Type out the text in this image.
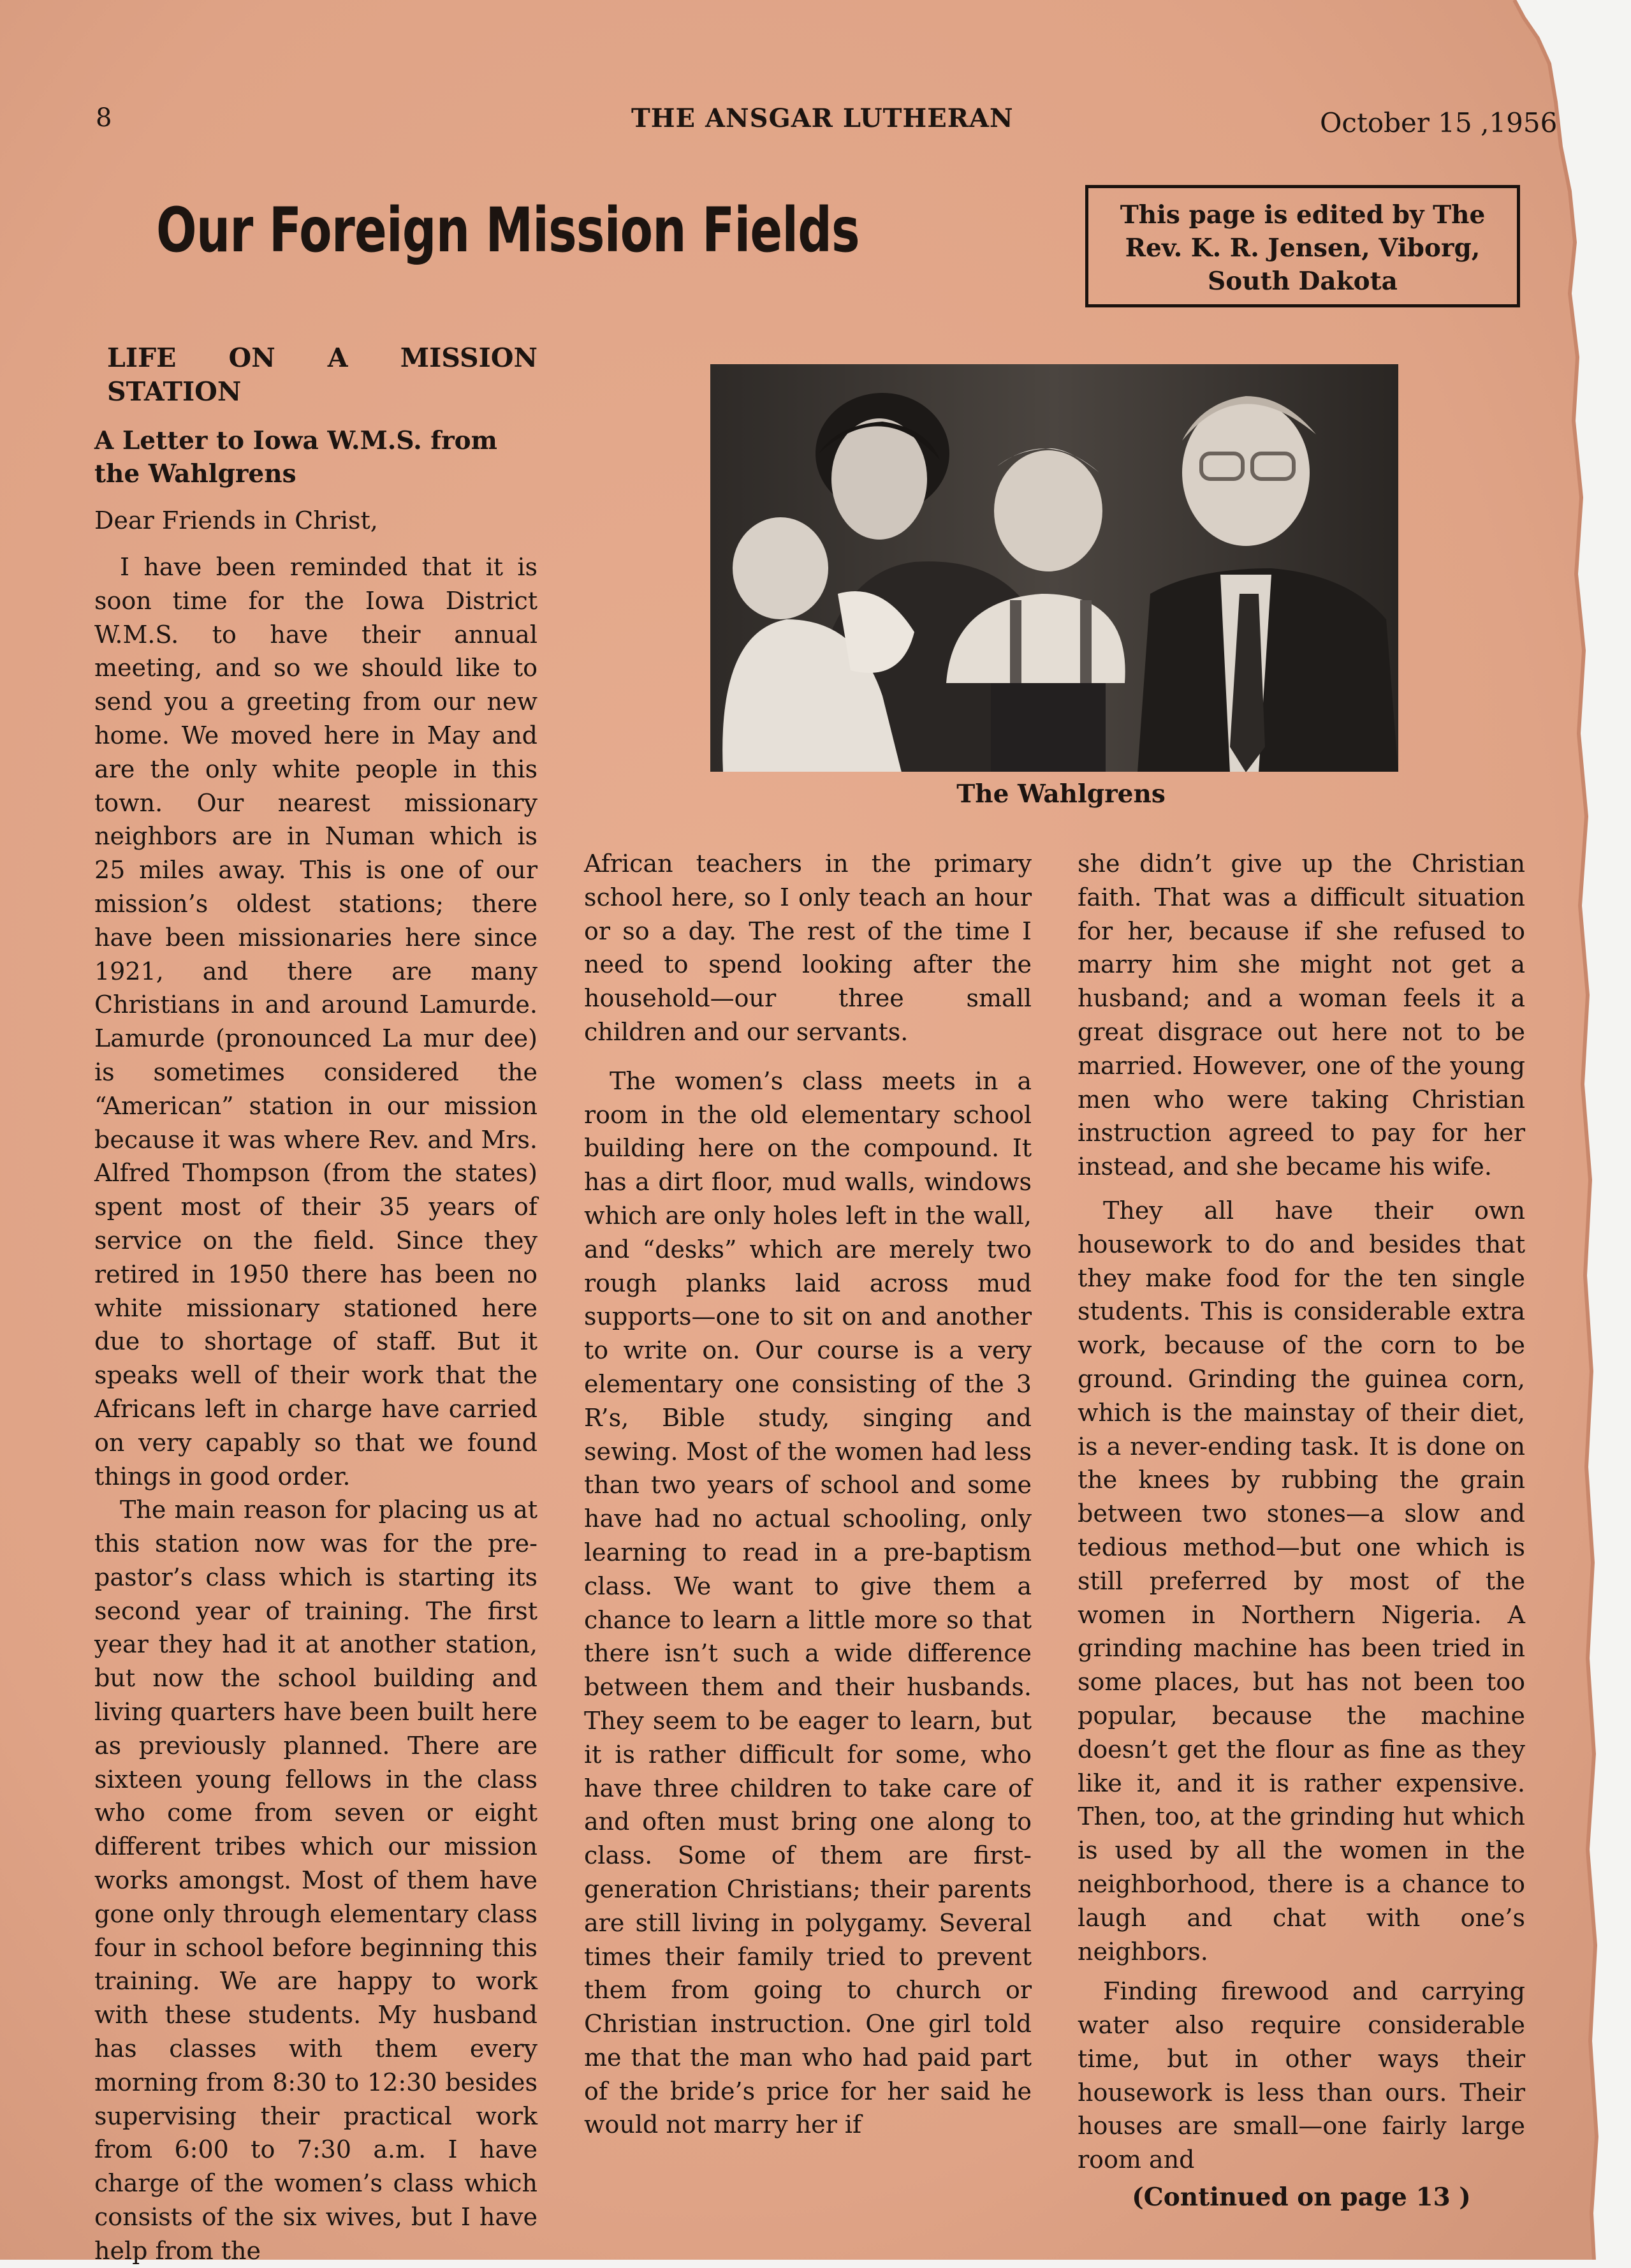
8	THE ANSGAR LUTHERAN	October 15 ,1956
Our Foreign Mission Fields	This page is edited by The
Rev. K. R. Jensen, Viborg,
South Dakota

LIFE ON A MISSION STATION

A Letter to Iowa W.M.S. from the Wahlgrens

Dear Friends in Christ,

I have been reminded that it is soon time for the Iowa District W.M.S. to have their annual meeting, and so we should like to send you a greeting from our new home. We moved here in May and are the only white people in this town. Our nearest missionary neighbors are in Numan which is 25 miles away. This is one of our mission’s oldest stations; there have been missionaries here since 1921, and there are many Christians in and around Lamurde. Lamurde (pronounced La mur dee) is sometimes considered the “American” station in our mission because it was where Rev. and Mrs. Alfred Thompson (from the states) spent most of their 35 years of service on the field. Since they retired in 1950 there has been no white missionary stationed here due to shortage of staff. But it speaks well of their work that the Africans left in charge have carried on very capably so that we found things in good order.

The main reason for placing us at this station now was for the pre-pastor’s class which is starting its second year of training. The first year they had it at another station, but now the school building and living quarters have been built here as previously planned. There are sixteen young fellows in the class who come from seven or eight different tribes which our mission works amongst. Most of them have gone only through elementary class four in school before beginning this training. We are happy to work with these students. My husband has classes with them every morning from 8:30 to 12:30 besides supervising their practical work from 6:00 to 7:30 a.m. I have charge of the women’s class which consists of the six wives, but I have help from the

The Wahlgrens

African teachers in the primary school here, so I only teach an hour or so a day. The rest of the time I need to spend looking after the household—our three small children and our servants.

The women’s class meets in a room in the old elementary school building here on the compound. It has a dirt floor, mud walls, windows which are only holes left in the wall, and “desks” which are merely two rough planks laid across mud supports—one to sit on and another to write on. Our course is a very elementary one consisting of the 3 R’s, Bible study, singing and sewing. Most of the women had less than two years of school and some have had no actual schooling, only learning to read in a pre-baptism class. We want to give them a chance to learn a little more so that there isn’t such a wide difference between them and their husbands. They seem to be eager to learn, but it is rather difficult for some, who have three children to take care of and often must bring one along to class. Some of them are first-generation Christians; their parents are still living in polygamy. Several times their family tried to prevent them from going to church or Christian instruction. One girl told me that the man who had paid part of the bride’s price for her said he would not marry her if

she didn’t give up the Christian faith. That was a difficult situation for her, because if she refused to marry him she might not get a husband; and a woman feels it a great disgrace out here not to be married. However, one of the young men who were taking Christian instruction agreed to pay for her instead, and she became his wife.

They all have their own housework to do and besides that they make food for the ten single students. This is considerable extra work, because of the corn to be ground. Grinding the guinea corn, which is the mainstay of their diet, is a never-ending task. It is done on the knees by rubbing the grain between two stones—a slow and tedious method—but one which is still preferred by most of the women in Northern Nigeria. A grinding machine has been tried in some places, but has not been too popular, because the machine doesn’t get the flour as fine as they like it, and it is rather expensive. Then, too, at the grinding hut which is used by all the women in the neighborhood, there is a chance to laugh and chat with one’s neighbors.

Finding firewood and carrying water also require considerable time, but in other ways their housework is less than ours. Their houses are small—one fairly large room and

(Continued on page 13 )
